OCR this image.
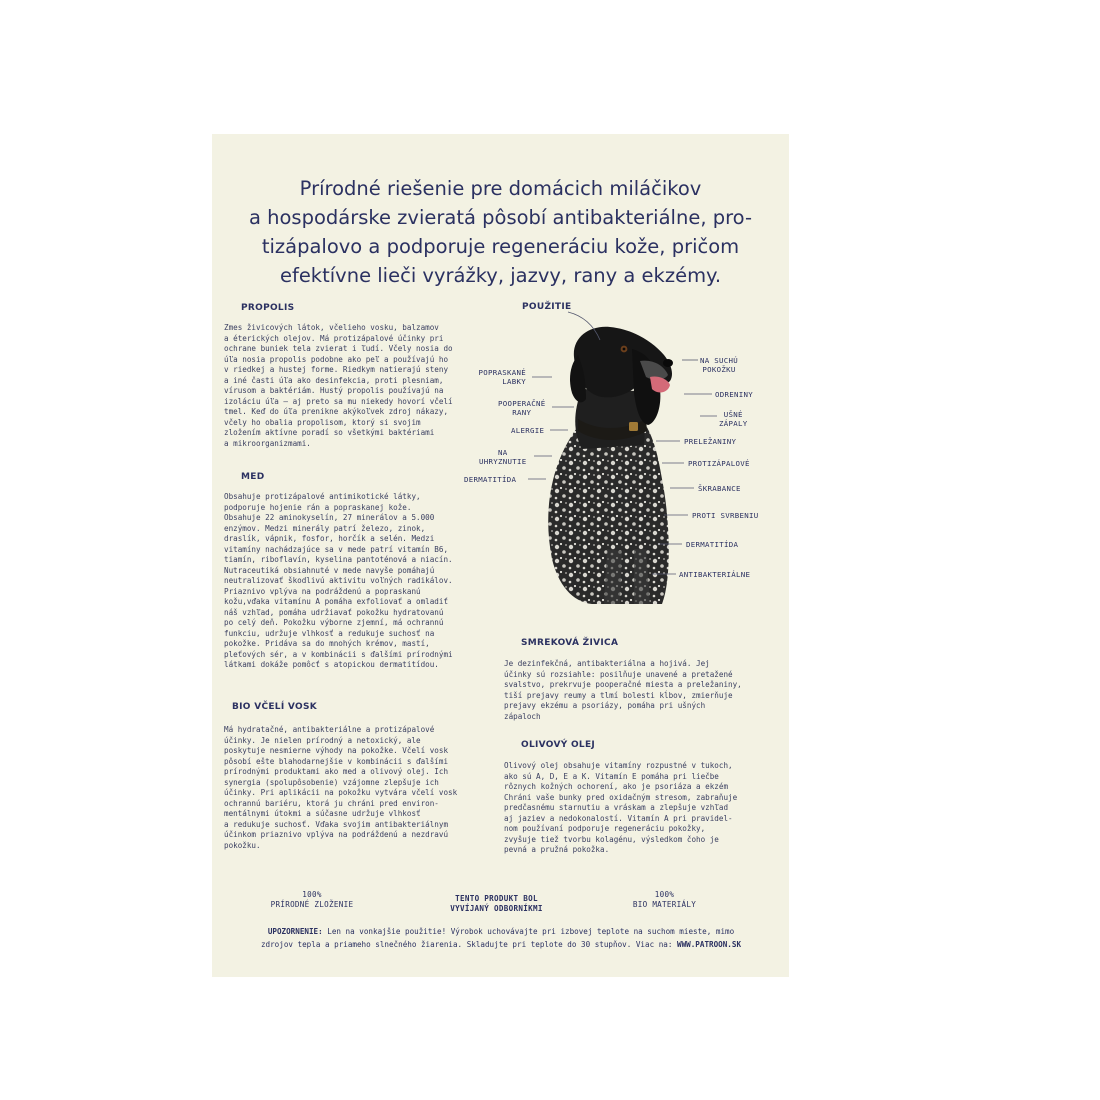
Prírodné riešenie pre domácich miláčikov
a hospodárske zvieratá pôsobí antibakteriálne, pro-
tizápalovo a podporuje regeneráciu kože, pričom
efektívne lieči vyrážky, jazvy, rany a ekzémy.
PROPOLIS
Zmes živicových látok, včelieho vosku, balzamov
a éterických olejov. Má protizápalové účinky pri
ochrane buniek tela zvierat i ľudí. Včely nosia do
úľa nosia propolis podobne ako peľ a používajú ho
v riedkej a hustej forme. Riedkym natierajú steny
a iné časti úľa ako desinfekcia, proti plesniam,
vírusom a baktériám. Hustý propolis používajú na
izoláciu úľa – aj preto sa mu niekedy hovorí včelí
tmel. Keď do úľa prenikne akýkoľvek zdroj nákazy,
včely ho obalia propolisom, ktorý si svojim
zložením aktívne poradí so všetkými baktériami
a mikroorganizmami.
MED
Obsahuje protizápalové antimikotické látky,
podporuje hojenie rán a popraskanej kože.
Obsahuje 22 aminokyselín, 27 minerálov a 5.000
enzýmov. Medzi minerály patrí železo, zinok,
draslík, vápnik, fosfor, horčík a selén. Medzi
vitamíny nachádzajúce sa v mede patrí vitamín B6,
tiamín, riboflavín, kyselina pantoténová a niacín.
Nutraceutiká obsiahnuté v mede navyše pomáhajú
neutralizovať škodlivú aktivitu voľných radikálov.
Priaznivo vplýva na podráždenú a popraskanú
kožu,vďaka vitamínu A pomáha exfoliovať a omladiť
náš vzhľad, pomáha udržiavať pokožku hydratovanú
po celý deň. Pokožku výborne zjemní, má ochrannú
funkciu, udržuje vlhkosť a redukuje suchosť na
pokožke. Pridáva sa do mnohých krémov, mastí,
pleťových sér, a v kombinácii s ďalšími prírodnými
látkami dokáže pomôcť s atopickou dermatitídou.
BIO VČELÍ VOSK
Má hydratačné, antibakteriálne a protizápalové
účinky. Je nielen prírodný a netoxický, ale
poskytuje nesmierne výhody na pokožke. Včelí vosk
pôsobí ešte blahodarnejšie v kombinácii s ďalšími
prírodnými produktami ako med a olivový olej. Ich
synergia (spolupôsobenie) vzájomne zlepšuje ich
účinky. Pri aplikácii na pokožku vytvára včelí vosk
ochrannú bariéru, ktorá ju chráni pred environ-
mentálnymi útokmi a súčasne udržuje vlhkosť
a redukuje suchosť. Vďaka svojim antibakteriálnym
účinkom priaznivo vplýva na podráždenú a nezdravú
pokožku.
POUŽITIE
POPRASKANÉ
LABKY
POOPERAČNÉ
RANY
ALERGIE
NA
UHRYZNUTIE
DERMATITÍDA
NA SUCHÚ
POKOŽKU
ODRENINY
UŠNÉ
ZÁPALY
PRELEŽANINY
PROTIZÁPALOVÉ
ŠKRABANCE
PROTI SVRBENIU
DERMATITÍDA
ANTIBAKTERIÁLNE
SMREKOVÁ ŽIVICA
Je dezinfekčná, antibakteriálna a hojivá. Jej
účinky sú rozsiahle: posilňuje unavené a pretažené
svalstvo, prekrvuje pooperačné miesta a preležaniny,
tiší prejavy reumy a tlmí bolesti kĺbov, zmierňuje
prejavy ekzému a psoriázy, pomáha pri ušných
zápaloch
OLIVOVÝ OLEJ
Olivový olej obsahuje vitamíny rozpustné v tukoch,
ako sú A, D, E a K. Vitamín E pomáha pri liečbe
rôznych kožných ochorení, ako je psoriáza a ekzém
Chráni vaše bunky pred oxidačným stresom, zabraňuje
predčasnému starnutiu a vráskam a zlepšuje vzhľad
aj jaziev a nedokonalostí. Vitamín A pri pravidel-
nom používaní podporuje regeneráciu pokožky,
zvyšuje tiež tvorbu kolagénu, výsledkom čoho je
pevná a pružná pokožka.
100%
PRÍRODNÉ ZLOŽENIE
TENTO PRODUKT BOL
VYVÍJANÝ ODBORNÍKMI
100%
BIO MATERIÁLY
UPOZORNENIE: Len na vonkajšie použitie! Výrobok uchovávajte pri izbovej teplote na suchom mieste, mimo
zdrojov tepla a priameho slnečného žiarenia. Skladujte pri teplote do 30 stupňov. Viac na: WWW.PATROON.SK
